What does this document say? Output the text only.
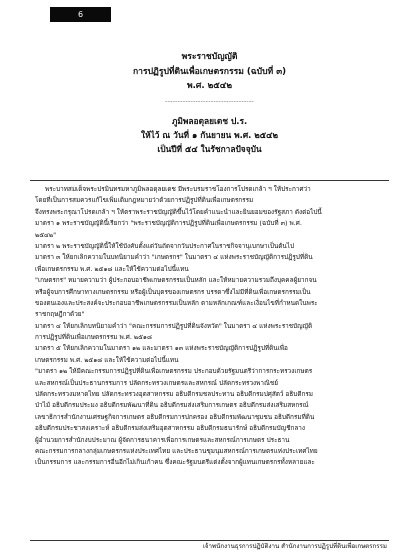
6
พระราชบัญญัติ
การปฏิรูปที่ดินเพื่อเกษตรกรรม (ฉบับที่ ๓)
พ.ศ. ๒๕๔๒
-----------------------------------
ภูมิพลอดุลยเดช ป.ร.
ให้ไว้ ณ วันที่ ๑ กันยายน พ.ศ. ๒๕๔๒
เป็นปีที่ ๕๔ ในรัชกาลปัจจุบัน
พระบาทสมเด็จพระปรมินทรมหาภูมิพลอดุลยเดช มีพระบรมราชโองการโปรดเกล้า ฯ ให้ประกาศว่า
โดยที่เป็นการสมควรแก้ไขเพิ่มเติมกฎหมายว่าด้วยการปฏิรูปที่ดินเพื่อเกษตรกรรม
จึงทรงพระกรุณาโปรดเกล้า ฯ ให้ตราพระราชบัญญัติขึ้นไว้โดยคำแนะนำและยินยอมของรัฐสภา ดังต่อไปนี้
มาตรา ๑ พระราชบัญญัตินี้เรียกว่า "พระราชบัญญัติการปฏิรูปที่ดินเพื่อเกษตรกรรม (ฉบับที่ ๓) พ.ศ.
๒๕๔๒"
มาตรา ๒ พระราชบัญญัตินี้ให้ใช้บังคับตั้งแต่วันถัดจากวันประกาศในราชกิจจานุเบกษาเป็นต้นไป
มาตรา ๓ ให้ยกเลิกความในบทนิยามคำว่า "เกษตรกร" ในมาตรา ๔ แห่งพระราชบัญญัติการปฏิรูปที่ดิน
เพื่อเกษตรกรรม พ.ศ. ๒๕๑๘ และให้ใช้ความต่อไปนี้แทน
"เกษตรกร" หมายความว่า ผู้ประกอบอาชีพเกษตรกรรมเป็นหลัก และให้หมายความรวมถึงบุคคลผู้ยากจน
หรือผู้จบการศึกษาทางเกษตรกรรม หรือผู้เป็นบุตรของเกษตรกร บรรดาซึ่งไม่มีที่ดินเพื่อเกษตรกรรมเป็น
ของตนเองและประสงค์จะประกอบอาชีพเกษตรกรรมเป็นหลัก ตามหลักเกณฑ์และเงื่อนไขที่กำหนดในพระ
ราชกฤษฎีกาด้วย"
มาตรา ๔ ให้ยกเลิกบทนิยามคำว่า "คณะกรรมการปฏิรูปที่ดินจังหวัด" ในมาตรา ๔ แห่งพระราชบัญญัติ
การปฏิรูปที่ดินเพื่อเกษตรกรรม พ.ศ. ๒๕๑๘
มาตรา ๕ ให้ยกเลิกความในมาตรา ๑๒ และมาตรา ๑๓ แห่งพระราชบัญญัติการปฏิรูปที่ดินเพื่อ
เกษตรกรรม พ.ศ. ๒๕๑๘ และให้ใช้ความต่อไปนี้แทน
"มาตรา ๑๒ ให้มีคณะกรรมการปฏิรูปที่ดินเพื่อเกษตรกรรม ประกอบด้วยรัฐมนตรีว่าการกระทรวงเกษตร
และสหกรณ์เป็นประธานกรรมการ ปลัดกระทรวงเกษตรและสหกรณ์ ปลัดกระทรวงพาณิชย์
ปลัดกระทรวงมหาดไทย ปลัดกระทรวงอุตสาหกรรม อธิบดีกรมชลประทาน อธิบดีกรมปศุสัตว์ อธิบดีกรม
ป่าไม้ อธิบดีกรมประมง อธิบดีกรมพัฒนาที่ดิน อธิบดีกรมส่งเสริมการเกษตร อธิบดีกรมส่งเสริมสหกรณ์
เลขาธิการสำนักงานเศรษฐกิจการเกษตร อธิบดีกรมการปกครอง อธิบดีกรมพัฒนาชุมชน อธิบดีกรมที่ดิน
อธิบดีกรมประชาสงเคราะห์ อธิบดีกรมส่งเสริมอุตสาหกรรม อธิบดีกรมธนารักษ์ อธิบดีกรมบัญชีกลาง
ผู้อำนวยการสำนักงบประมาณ ผู้จัดการธนาคารเพื่อการเกษตรและสหกรณ์การเกษตร ประธาน
คณะกรรมการกลางกลุ่มเกษตรกรแห่งประเทศไทย และประธานชุมนุมสหกรณ์การเกษตรแห่งประเทศไทย
เป็นกรรมการ และกรรมการอื่นอีกไม่เกินเก้าคน ซึ่งคณะรัฐมนตรีแต่งตั้งจากผู้แทนเกษตรกรทั้งหลายและ
เจ้าพนักงานธุรการปฏิบัติงาน สำนักงานการปฏิรูปที่ดินเพื่อเกษตรกรรม
